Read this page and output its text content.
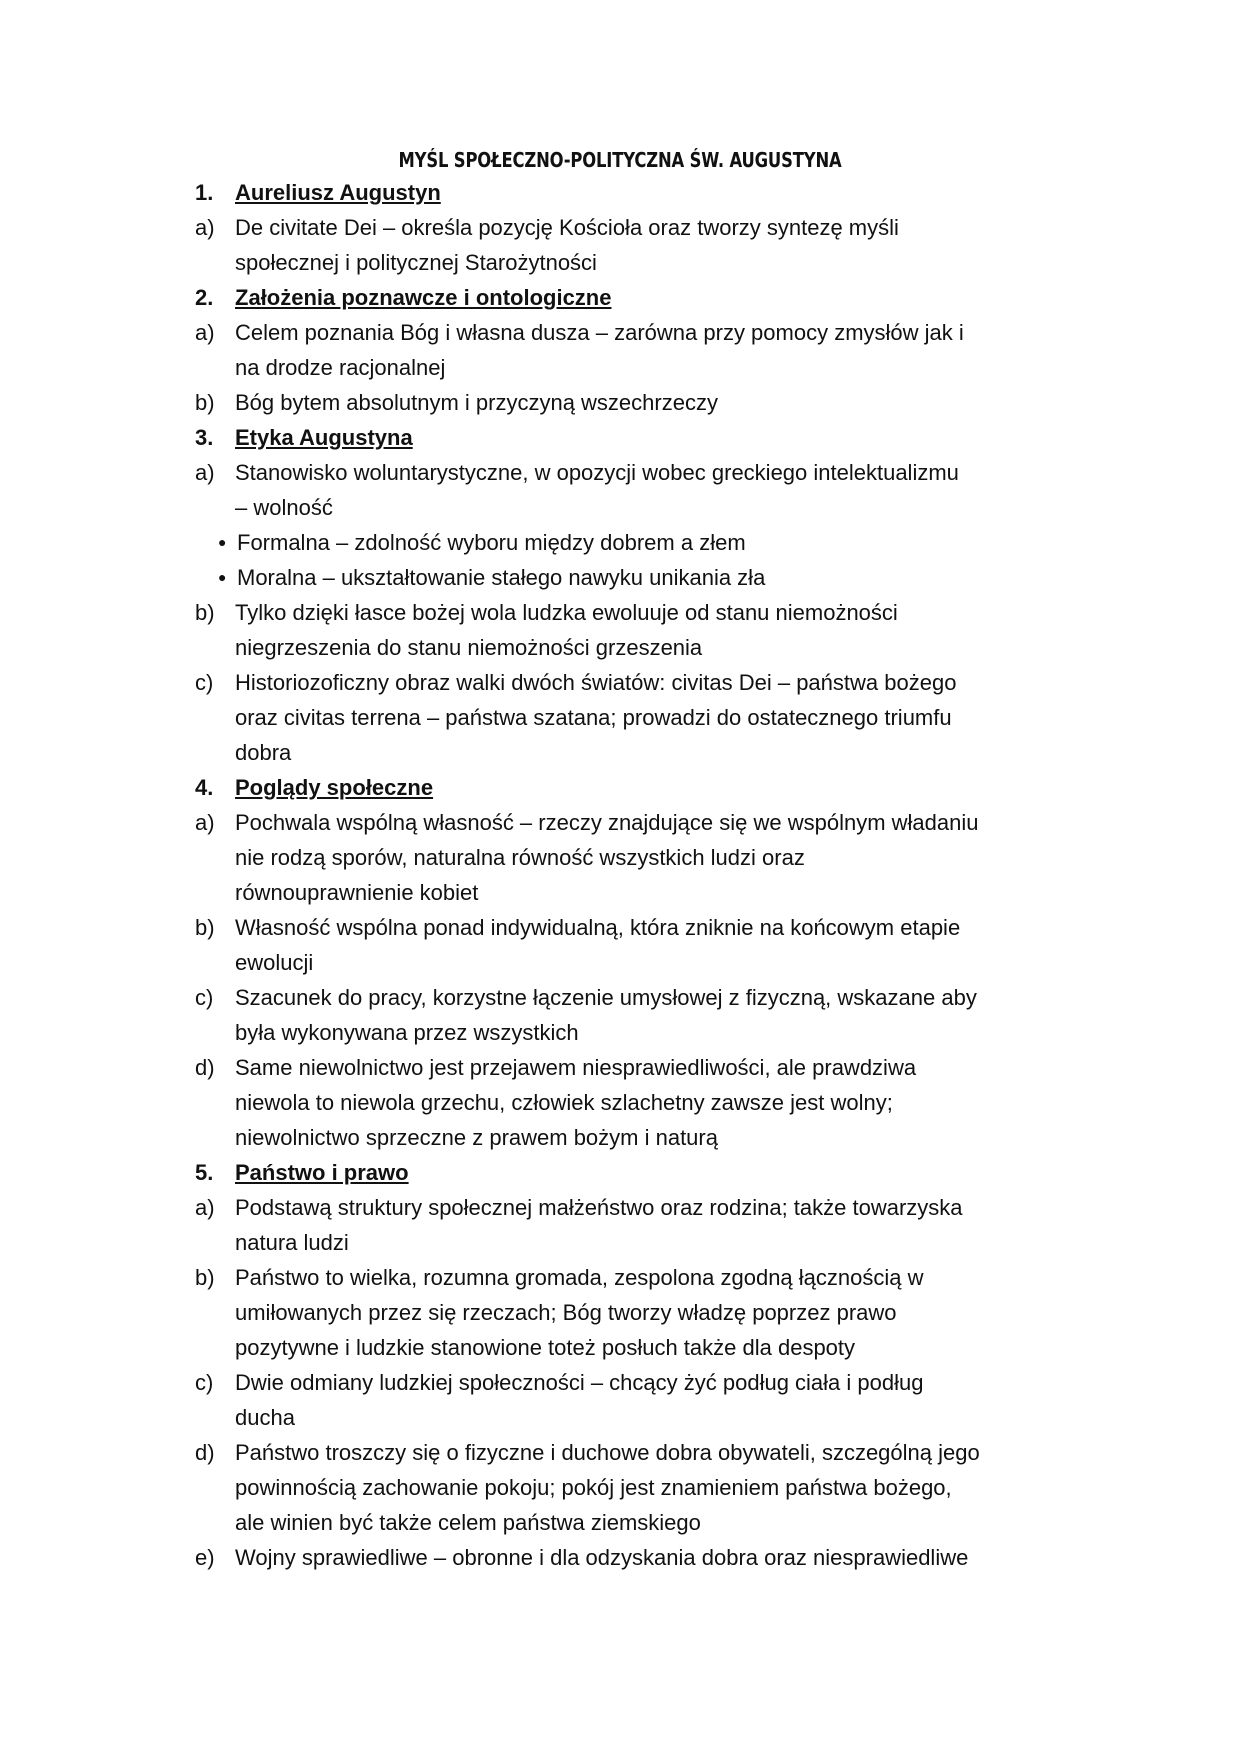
MYŚL SPOŁECZNO-POLITYCZNA ŚW. AUGUSTYNA
1. Aureliusz Augustyn
a) De civitate Dei – określa pozycję Kościoła oraz tworzy syntezę myśli
społecznej i politycznej Starożytności
2. Założenia poznawcze i ontologiczne
a) Celem poznania Bóg i własna dusza – zarówna przy pomocy zmysłów jak i
na drodze racjonalnej
b) Bóg bytem absolutnym i przyczyną wszechrzeczy
3. Etyka Augustyna
a) Stanowisko woluntarystyczne, w opozycji wobec greckiego intelektualizmu
– wolność
● Formalna – zdolność wyboru między dobrem a złem
● Moralna – ukształtowanie stałego nawyku unikania zła
b) Tylko dzięki łasce bożej wola ludzka ewoluuje od stanu niemożności
niegrzeszenia do stanu niemożności grzeszenia
c) Historiozoficzny obraz walki dwóch światów: civitas Dei – państwa bożego
oraz civitas terrena – państwa szatana; prowadzi do ostatecznego triumfu
dobra
4. Poglądy społeczne
a) Pochwala wspólną własność – rzeczy znajdujące się we wspólnym władaniu
nie rodzą sporów, naturalna równość wszystkich ludzi oraz
równouprawnienie kobiet
b) Własność wspólna ponad indywidualną, która zniknie na końcowym etapie
ewolucji
c) Szacunek do pracy, korzystne łączenie umysłowej z fizyczną, wskazane aby
była wykonywana przez wszystkich
d) Same niewolnictwo jest przejawem niesprawiedliwości, ale prawdziwa
niewola to niewola grzechu, człowiek szlachetny zawsze jest wolny;
niewolnictwo sprzeczne z prawem bożym i naturą
5. Państwo i prawo
a) Podstawą struktury społecznej małżeństwo oraz rodzina; także towarzyska
natura ludzi
b) Państwo to wielka, rozumna gromada, zespolona zgodną łącznością w
umiłowanych przez się rzeczach; Bóg tworzy władzę poprzez prawo
pozytywne i ludzkie stanowione toteż posłuch także dla despoty
c) Dwie odmiany ludzkiej społeczności – chcący żyć podług ciała i podług
ducha
d) Państwo troszczy się o fizyczne i duchowe dobra obywateli, szczególną jego
powinnością zachowanie pokoju; pokój jest znamieniem państwa bożego,
ale winien być także celem państwa ziemskiego
e) Wojny sprawiedliwe – obronne i dla odzyskania dobra oraz niesprawiedliwe
